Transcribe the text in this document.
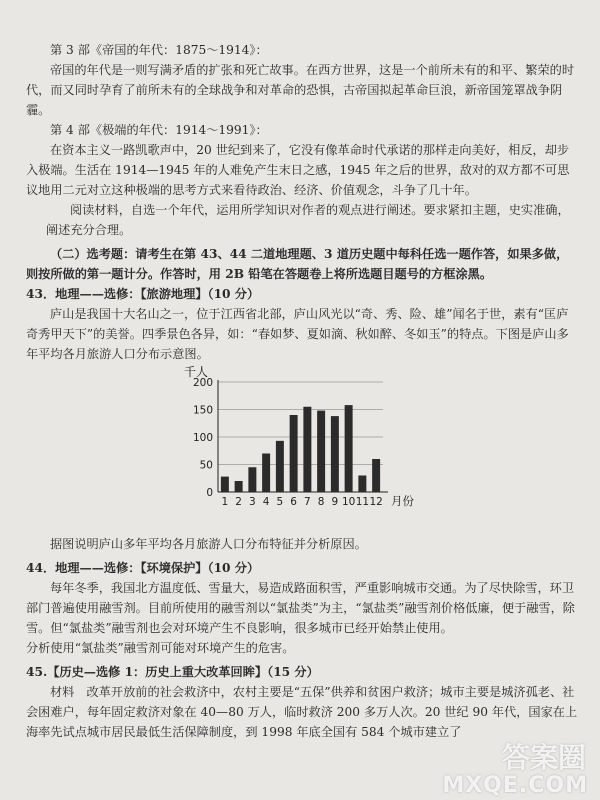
第 3 部《帝国的年代：1875～1914》：

帝国的年代是一则写满矛盾的扩张和死亡故事。在西方世界，这是一个前所未有的和平、繁荣的时代，而又同时孕育了前所未有的全球战争和对革命的恐惧，古帝国拟起革命巨浪，新帝国笼罩战争阴霾。

第 4 部《极端的年代：1914～1991》：

在资本主义一路凯歌声中，20 世纪到来了，它没有像革命时代承诺的那样走向美好，相反，却步入极端。生活在 1914—1945 年的人难免产生末日之感，1945 年之后的世界，敌对的双方都不可思议地用二元对立这种极端的思考方式来看待政治、经济、价值观念，斗争了几十年。

阅读材料，自选一个年代，运用所学知识对作者的观点进行阐述。要求紧扣主题，史实准确，阐述充分合理。

（二）选考题：请考生在第 43、44 二道地理题、3 道历史题中每科任选一题作答，如果多做，则按所做的第一题计分。作答时，用 2B 铅笔在答题卷上将所选题目题号的方框涂黑。

43．地理——选修：【旅游地理】（10 分）

庐山是我国十大名山之一，位于江西省北部，庐山风光以“奇、秀、险、雄”闻名于世，素有“匡庐奇秀甲天下”的美誉。四季景色各异，如：“春如梦、夏如滴、秋如醉、冬如玉”的特点。下图是庐山多年平均各月旅游人口分布示意图。

千人
0
50
100
150
200
1 2 3 4 5 6 7 8 9 10 11 12 月份

据图说明庐山多年平均各月旅游人口分布特征并分析原因。

44．地理——选修：【环境保护】（10 分）

每年冬季，我国北方温度低、雪量大，易造成路面积雪，严重影响城市交通。为了尽快除雪，环卫部门普遍使用融雪剂。目前所使用的融雪剂以“氯盐类”为主，“氯盐类”融雪剂价格低廉，便于融雪，除雪。但“氯盐类”融雪剂也会对环境产生不良影响，很多城市已经开始禁止使用。

分析使用“氯盐类”融雪剂可能对环境产生的危害。

45.【历史—选修 1：历史上重大改革回眸】（15 分）

材料　改革开放前的社会救济中，农村主要是“五保”供养和贫困户救济；城市主要是城济孤老、社会困难户，每年固定救济对象在 40—80 万人，临时救济 200 多万人次。20 世纪 90 年代，国家在上海率先试点城市居民最低生活保障制度，到 1998 年底全国有 584 个城市建立了

答案圈
MXQE.COM
